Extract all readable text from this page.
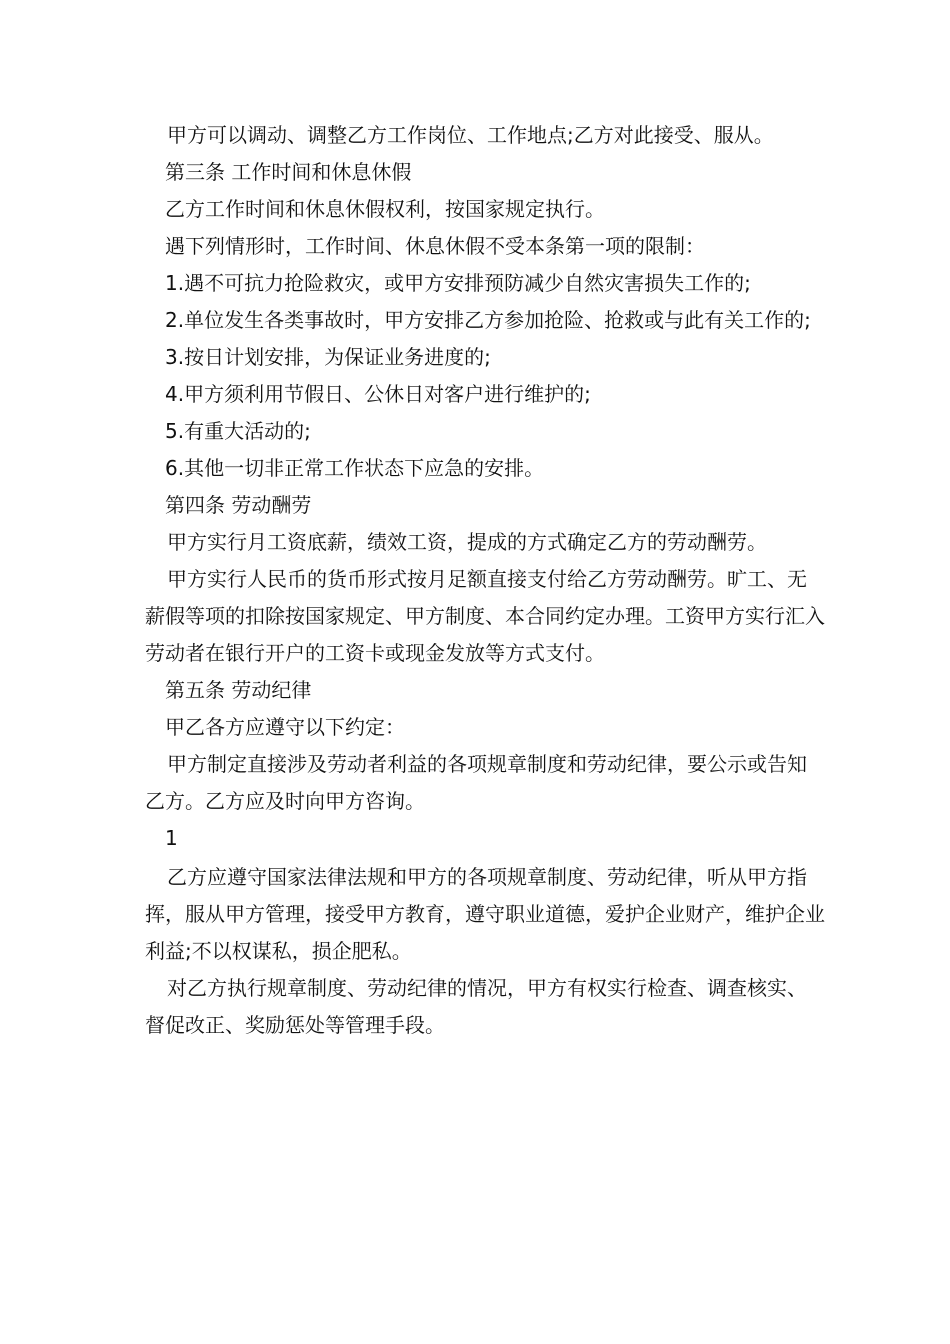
甲方可以调动、调整乙方工作岗位、工作地点;乙方对此接受、服从。

第三条 工作时间和休息休假

乙方工作时间和休息休假权利，按国家规定执行。

遇下列情形时，工作时间、休息休假不受本条第一项的限制：

1.遇不可抗力抢险救灾，或甲方安排预防减少自然灾害损失工作的;

2.单位发生各类事故时，甲方安排乙方参加抢险、抢救或与此有关工作的;

3.按日计划安排，为保证业务进度的;

4.甲方须利用节假日、公休日对客户进行维护的;

5.有重大活动的;

6.其他一切非正常工作状态下应急的安排。

第四条 劳动酬劳

甲方实行月工资底薪，绩效工资，提成的方式确定乙方的劳动酬劳。

甲方实行人民币的货币形式按月足额直接支付给乙方劳动酬劳。旷工、无薪假等项的扣除按国家规定、甲方制度、本合同约定办理。工资甲方实行汇入劳动者在银行开户的工资卡或现金发放等方式支付。

第五条 劳动纪律

甲乙各方应遵守以下约定：

甲方制定直接涉及劳动者利益的各项规章制度和劳动纪律，要公示或告知乙方。乙方应及时向甲方咨询。

1

乙方应遵守国家法律法规和甲方的各项规章制度、劳动纪律，听从甲方指挥，服从甲方管理，接受甲方教育，遵守职业道德，爱护企业财产，维护企业利益;不以权谋私，损企肥私。

对乙方执行规章制度、劳动纪律的情况，甲方有权实行检查、调查核实、督促改正、奖励惩处等管理手段。
